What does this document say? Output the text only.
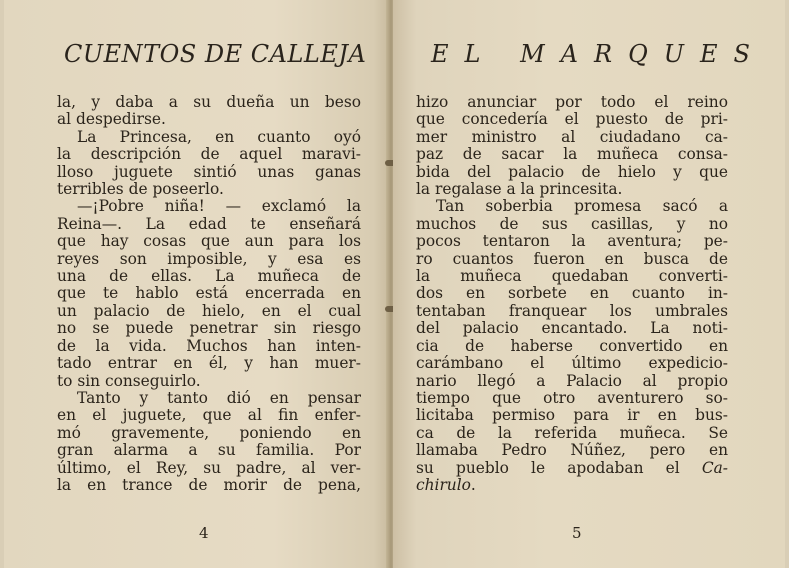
CUENTOS DE CALLEJA
la, y daba a su dueña un beso
al despedirse.
La Princesa, en cuanto oyó
la descripción de aquel maravi-
lloso juguete sintió unas ganas
terribles de poseerlo.
—¡Pobre niña! — exclamó la
Reina—. La edad te enseñará
que hay cosas que aun para los
reyes son imposible, y esa es
una de ellas. La muñeca de
que te hablo está encerrada en
un palacio de hielo, en el cual
no se puede penetrar sin riesgo
de la vida. Muchos han inten-
tado entrar en él, y han muer-
to sin conseguirlo.
Tanto y tanto dió en pensar
en el juguete, que al fin enfer-
mó gravemente, poniendo en
gran alarma a su familia. Por
último, el Rey, su padre, al ver-
la en trance de morir de pena,
4
EL MARQUES
hizo anunciar por todo el reino
que concedería el puesto de pri-
mer ministro al ciudadano ca-
paz de sacar la muñeca consa-
bida del palacio de hielo y que
la regalase a la princesita.
Tan soberbia promesa sacó a
muchos de sus casillas, y no
pocos tentaron la aventura; pe-
ro cuantos fueron en busca de
la muñeca quedaban converti-
dos en sorbete en cuanto in-
tentaban franquear los umbrales
del palacio encantado. La noti-
cia de haberse convertido en
carámbano el último expedicio-
nario llegó a Palacio al propio
tiempo que otro aventurero so-
licitaba permiso para ir en bus-
ca de la referida muñeca. Se
llamaba Pedro Núñez, pero en
su pueblo le apodaban el Ca-
chirulo.
5
